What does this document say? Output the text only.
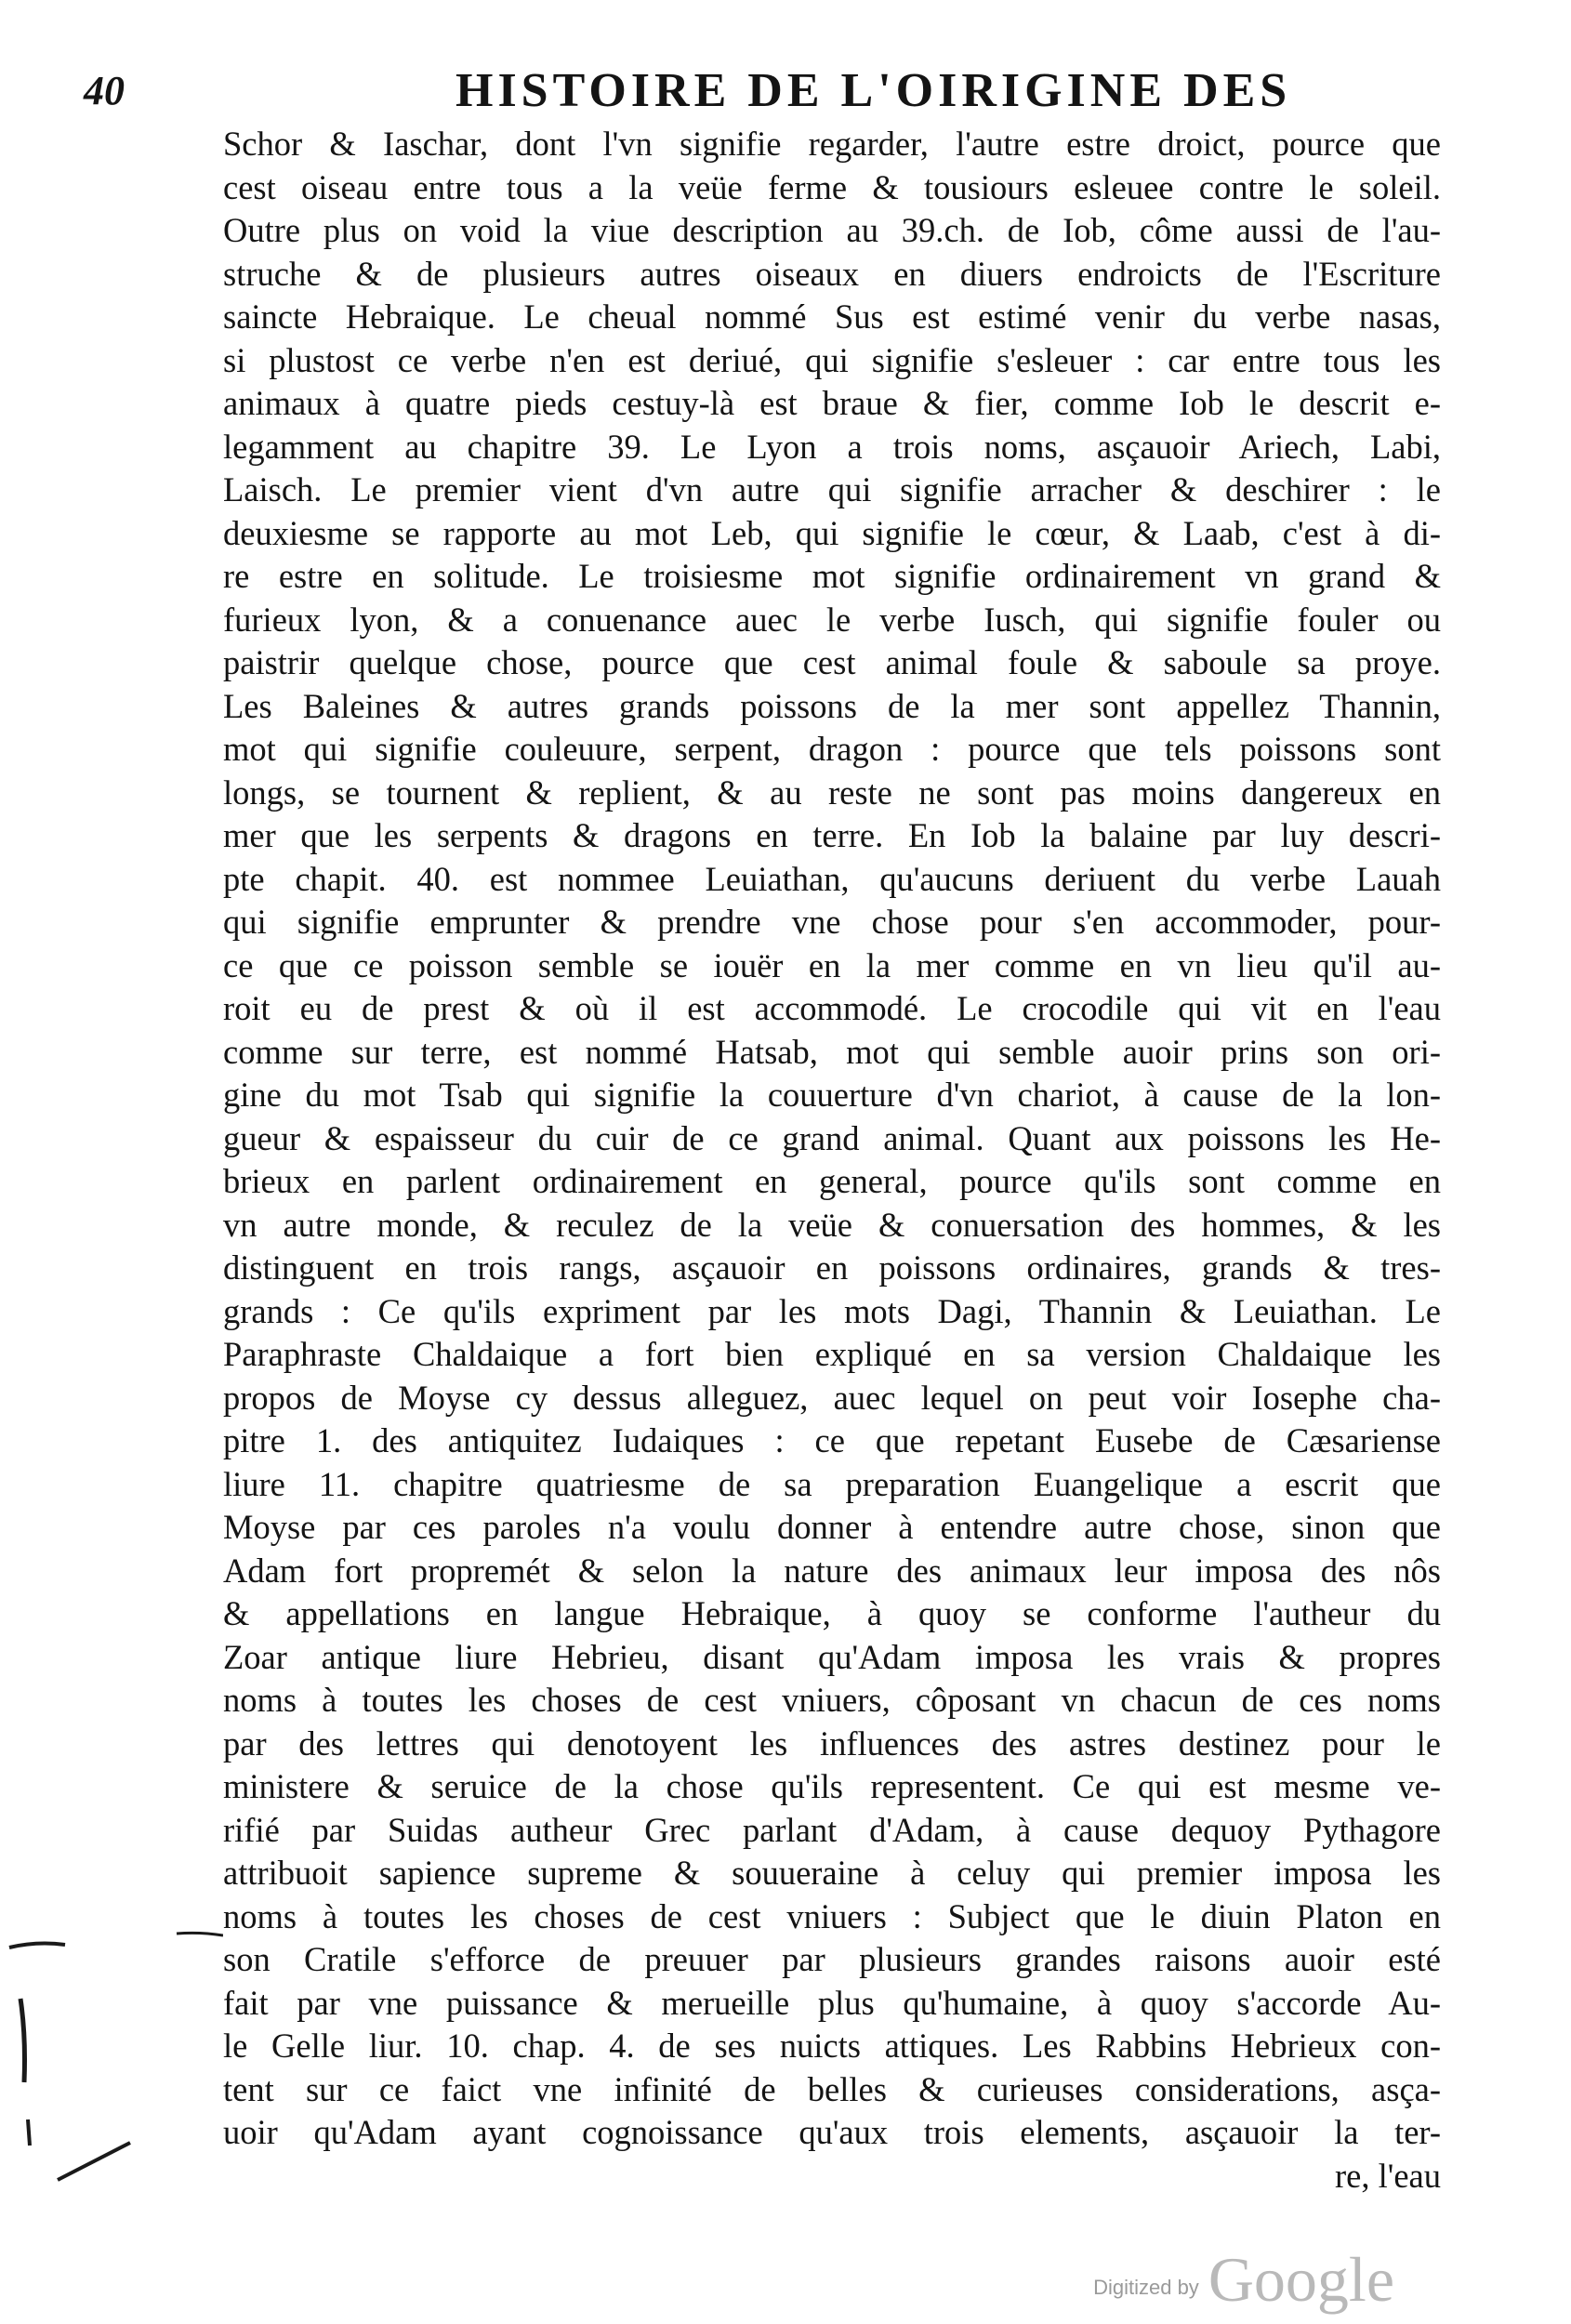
40	HISTOIRE DE L'OIRIGINE DES
Schor & Iaschar, dont l'vn signifie regarder, l'autre estre droict, pource que
cest oiseau entre tous a la veüe ferme & tousiours esleuee contre le soleil.
Outre plus on void la viue description au 39.ch. de Iob, côme aussi de l'au-
struche & de plusieurs autres oiseaux en diuers endroicts de l'Escriture
saincte Hebraique. Le cheual nommé Sus est estimé venir du verbe nasas,
si plustost ce verbe n'en est deriué, qui signifie s'esleuer : car entre tous les
animaux à quatre pieds cestuy-là est braue & fier, comme Iob le descrit e-
legamment au chapitre 39. Le Lyon a trois noms, asçauoir Ariech, Labi,
Laisch. Le premier vient d'vn autre qui signifie arracher & deschirer : le
deuxiesme se rapporte au mot Leb, qui signifie le cœur, & Laab, c'est à di-
re estre en solitude. Le troisiesme mot signifie ordinairement vn grand &
furieux lyon, & a conuenance auec le verbe Iusch, qui signifie fouler ou
paistrir quelque chose, pource que cest animal foule & saboule sa proye.
Les Baleines & autres grands poissons de la mer sont appellez Thannin,
mot qui signifie couleuure, serpent, dragon : pource que tels poissons sont
longs, se tournent & replient, & au reste ne sont pas moins dangereux en
mer que les serpents & dragons en terre. En Iob la balaine par luy descri-
pte chapit. 40. est nommee Leuiathan, qu'aucuns deriuent du verbe Lauah
qui signifie emprunter & prendre vne chose pour s'en accommoder, pour-
ce que ce poisson semble se iouër en la mer comme en vn lieu qu'il au-
roit eu de prest & où il est accommodé. Le crocodile qui vit en l'eau
comme sur terre, est nommé Hatsab, mot qui semble auoir prins son ori-
gine du mot Tsab qui signifie la couuerture d'vn chariot, à cause de la lon-
gueur & espaisseur du cuir de ce grand animal. Quant aux poissons les He-
brieux en parlent ordinairement en general, pource qu'ils sont comme en
vn autre monde, & reculez de la veüe & conuersation des hommes, & les
distinguent en trois rangs, asçauoir en poissons ordinaires, grands & tres-
grands : Ce qu'ils expriment par les mots Dagi, Thannin & Leuiathan. Le
Paraphraste Chaldaique a fort bien expliqué en sa version Chaldaique les
propos de Moyse cy dessus alleguez, auec lequel on peut voir Iosephe cha-
pitre 1. des antiquitez Iudaiques : ce que repetant Eusebe de Cæsariense
liure 11. chapitre quatriesme de sa preparation Euangelique a escrit que
Moyse par ces paroles n'a voulu donner à entendre autre chose, sinon que
Adam fort propremét & selon la nature des animaux leur imposa des nôs
& appellations en langue Hebraique, à quoy se conforme l'autheur du
Zoar antique liure Hebrieu, disant qu'Adam imposa les vrais & propres
noms à toutes les choses de cest vniuers, côposant vn chacun de ces noms
par des lettres qui denotoyent les influences des astres destinez pour le
ministere & seruice de la chose qu'ils representent. Ce qui est mesme ve-
rifié par Suidas autheur Grec parlant d'Adam, à cause dequoy Pythagore
attribuoit sapience supreme & souueraine à celuy qui premier imposa les
noms à toutes les choses de cest vniuers : Subject que le diuin Platon en
son Cratile s'efforce de preuuer par plusieurs grandes raisons auoir esté
fait par vne puissance & merueille plus qu'humaine, à quoy s'accorde Au-
le Gelle liur. 10. chap. 4. de ses nuicts attiques. Les Rabbins Hebrieux con-
tent sur ce faict vne infinité de belles & curieuses considerations, asça-
uoir qu'Adam ayant cognoissance qu'aux trois elements, asçauoir la ter-
re, l'eau
Digitized by Google
